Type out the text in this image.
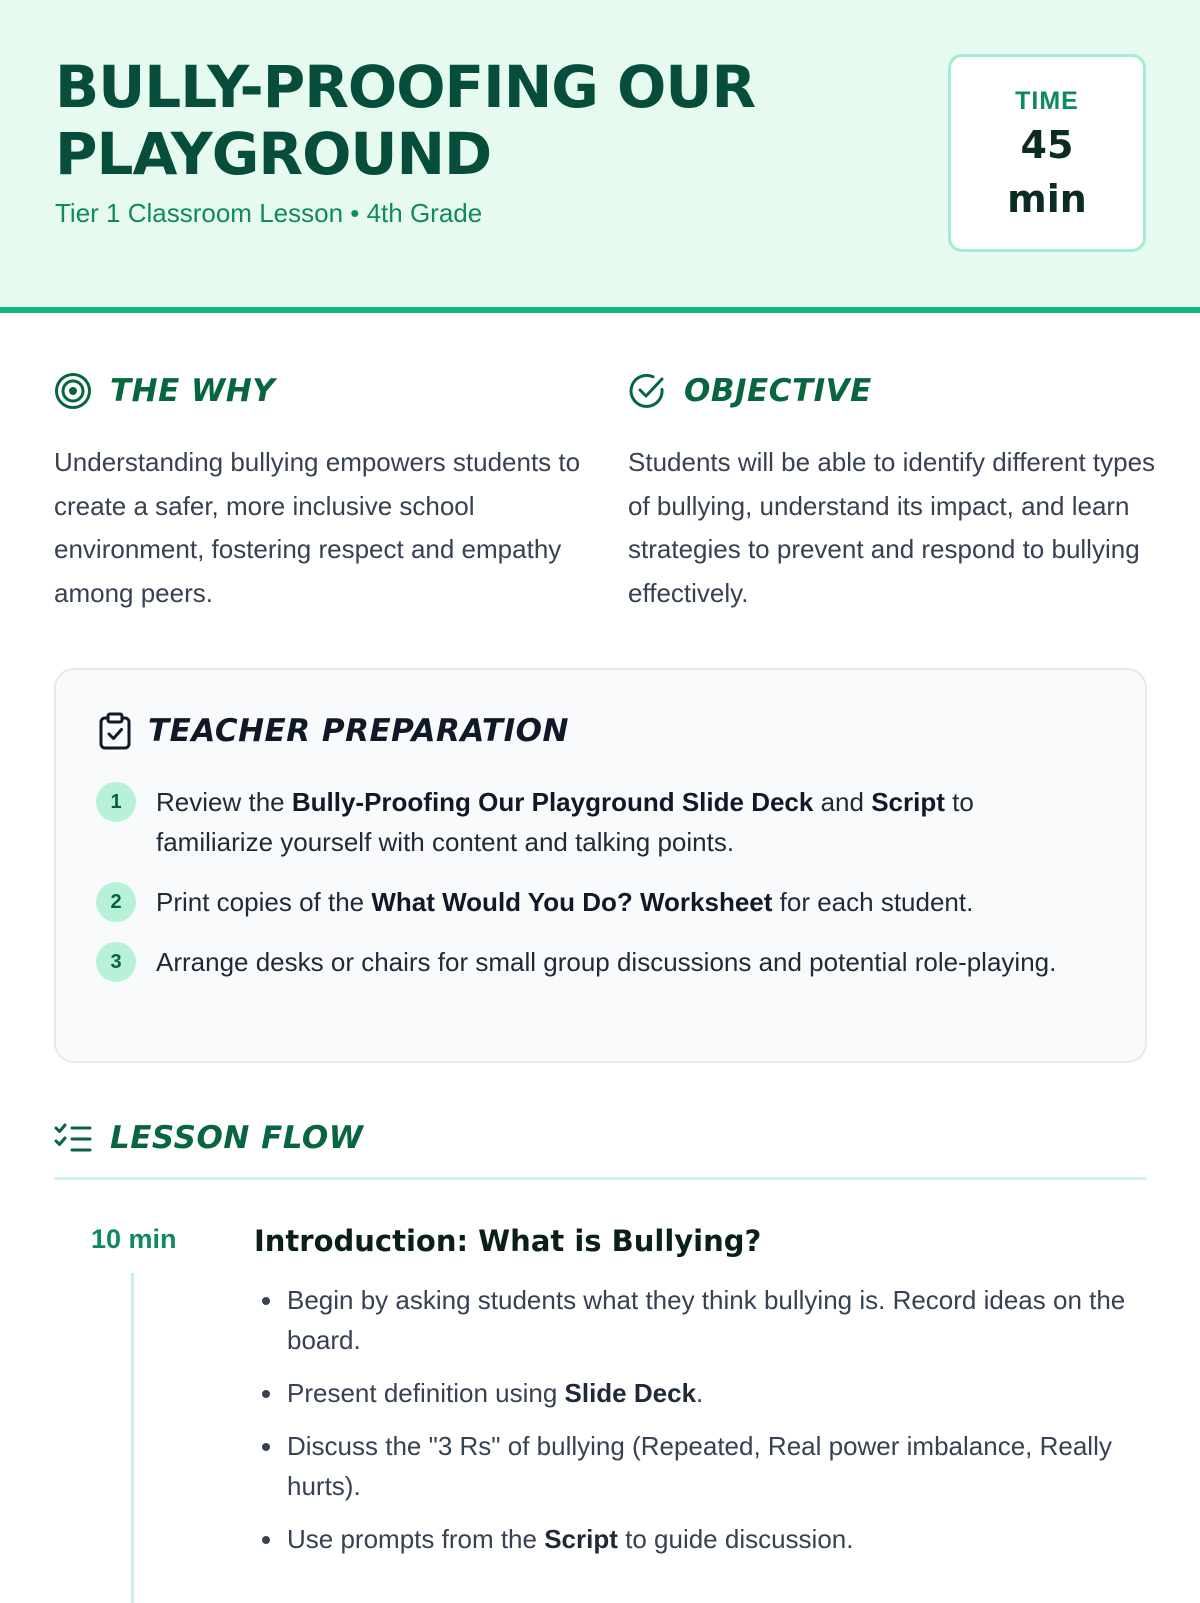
BULLY-PROOFING OUR
PLAYGROUND
Tier 1 Classroom Lesson • 4th Grade
TIME
45
min
THE WHY

Understanding bullying empowers students to create a safer, more inclusive school environment, fostering respect and empathy among peers.

OBJECTIVE

Students will be able to identify different types of bullying, understand its impact, and learn strategies to prevent and respond to bullying effectively.

TEACHER PREPARATION
1	Review the Bully-Proofing Our Playground Slide Deck and Script to familiarize yourself with content and talking points.

2	Print copies of the What Would You Do? Worksheet for each student.

3	Arrange desks or chairs for small group discussions and potential role-playing.

LESSON FLOW
10 min	Introduction: What is Bullying?
Begin by asking students what they think bullying is. Record ideas on the board.
Present definition using Slide Deck.
Discuss the "3 Rs" of bullying (Repeated, Real power imbalance, Really hurts).
Use prompts from the Script to guide discussion.
